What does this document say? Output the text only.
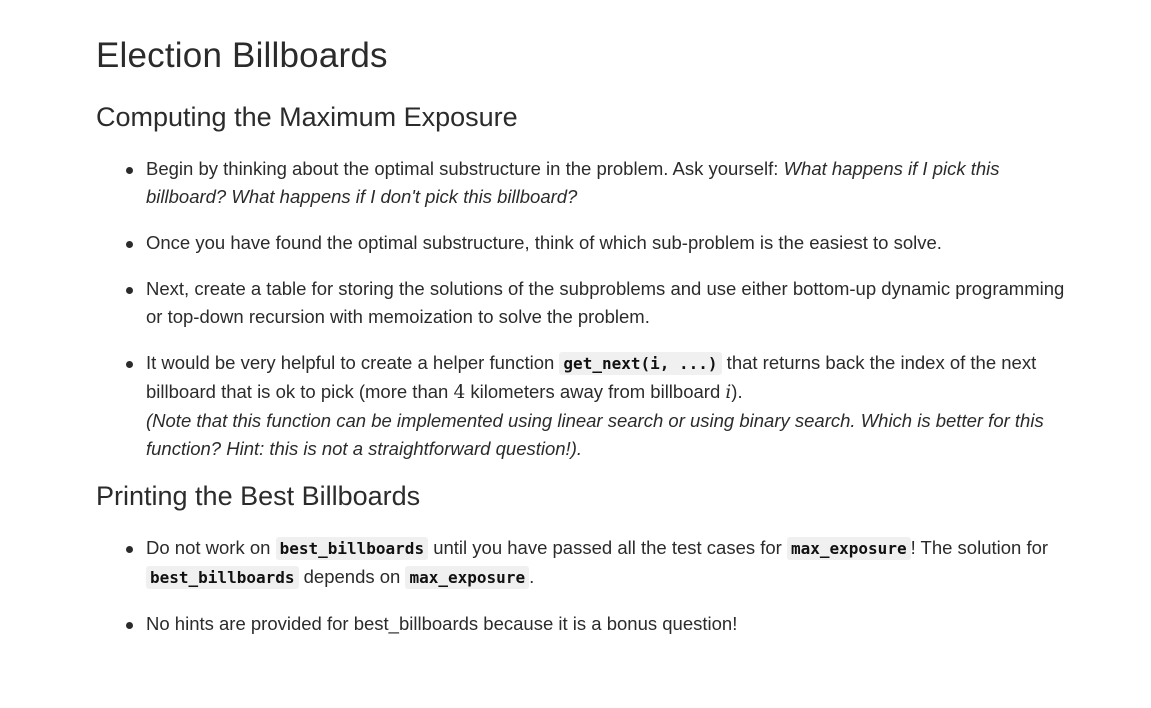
Election Billboards
Computing the Maximum Exposure
Begin by thinking about the optimal substructure in the problem. Ask yourself: What happens if I pick this billboard? What happens if I don't pick this billboard?
Once you have found the optimal substructure, think of which sub-problem is the easiest to solve.
Next, create a table for storing the solutions of the subproblems and use either bottom-up dynamic programming or top-down recursion with memoization to solve the problem.
It would be very helpful to create a helper function get_next(i, ...) that returns back the index of the next billboard that is ok to pick (more than 4 kilometers away from billboard i).
(Note that this function can be implemented using linear search or using binary search. Which is better for this function? Hint: this is not a straightforward question!).
Printing the Best Billboards
Do not work on best_billboards until you have passed all the test cases for max_exposure ! The solution for best_billboards depends on max_exposure .
No hints are provided for best_billboards because it is a bonus question!
